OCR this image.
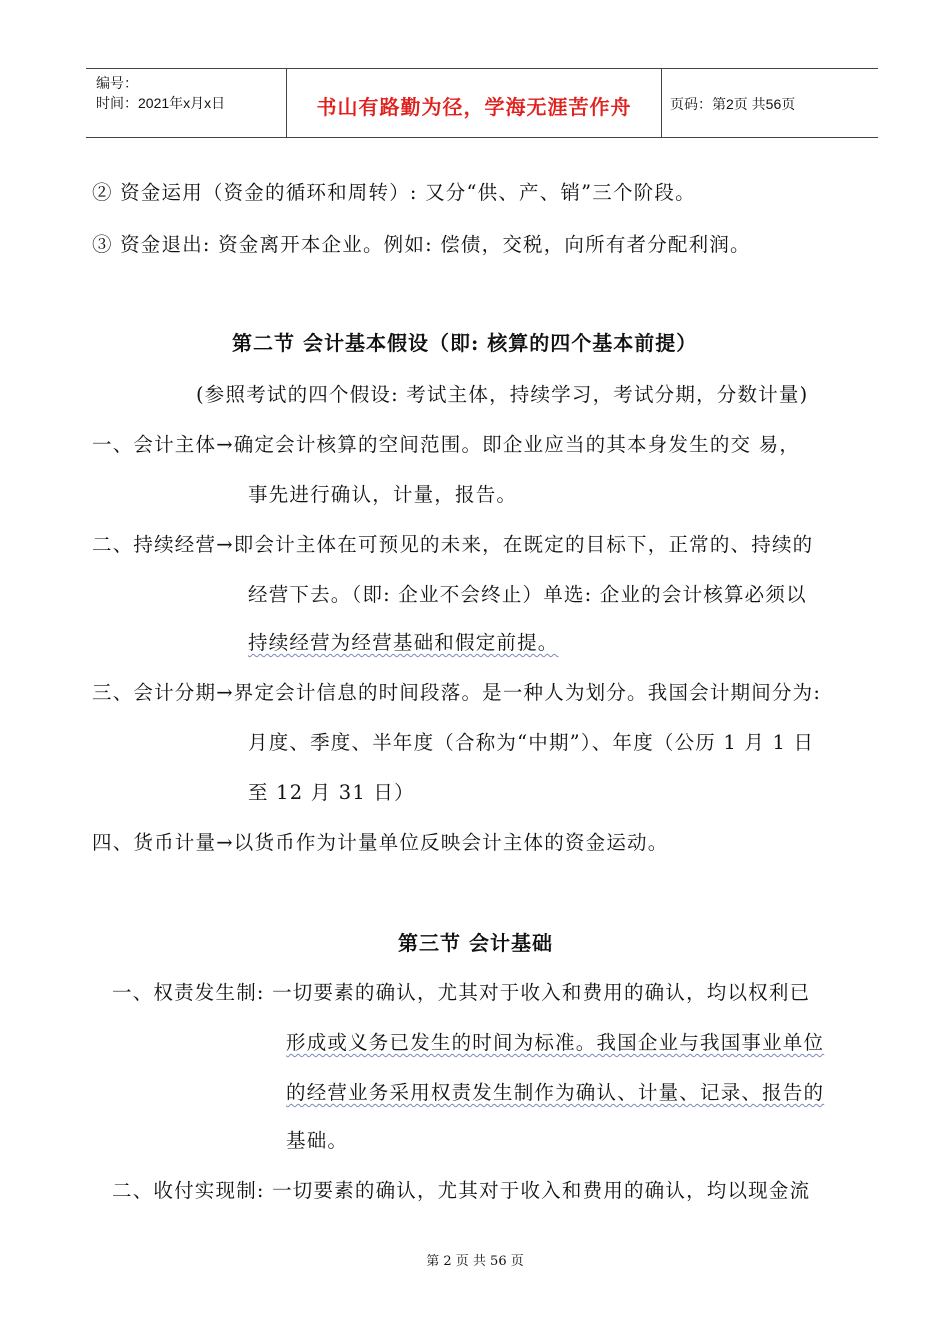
编号：
时间：2021年x月x日	书山有路勤为径，学海无涯苦作舟	页码：第2页 共56页
② 资金运用（资金的循环和周转）: 又分“供、产、销”三个阶段。
③ 资金退出: 资金离开本企业。例如: 偿债，交税，向所有者分配利润。
第二节 会计基本假设（即: 核算的四个基本前提）
(参照考试的四个假设: 考试主体，持续学习，考试分期，分数计量)
一、会计主体→确定会计核算的空间范围。即企业应当的其本身发生的交 易，
事先进行确认，计量，报告。
二、持续经营→即会计主体在可预见的未来，在既定的目标下，正常的、持续的
经营下去。（即: 企业不会终止）单选: 企业的会计核算必须以
持续经营为经营基础和假定前提。
三、会计分期→界定会计信息的时间段落。是一种人为划分。我国会计期间分为:
月度、季度、半年度（合称为“中期”）、年度（公历 1 月 1 日
至 12 月 31 日）
四、货币计量→以货币作为计量单位反映会计主体的资金运动。
第三节 会计基础
一、权责发生制: 一切要素的确认，尤其对于收入和费用的确认，均以权利已
形成或义务已发生的时间为标准。我国企业与我国事业单位
的经营业务采用权责发生制作为确认、计量、记录、报告的
基础。
二、收付实现制: 一切要素的确认，尤其对于收入和费用的确认，均以现金流
第 2 页 共 56 页
